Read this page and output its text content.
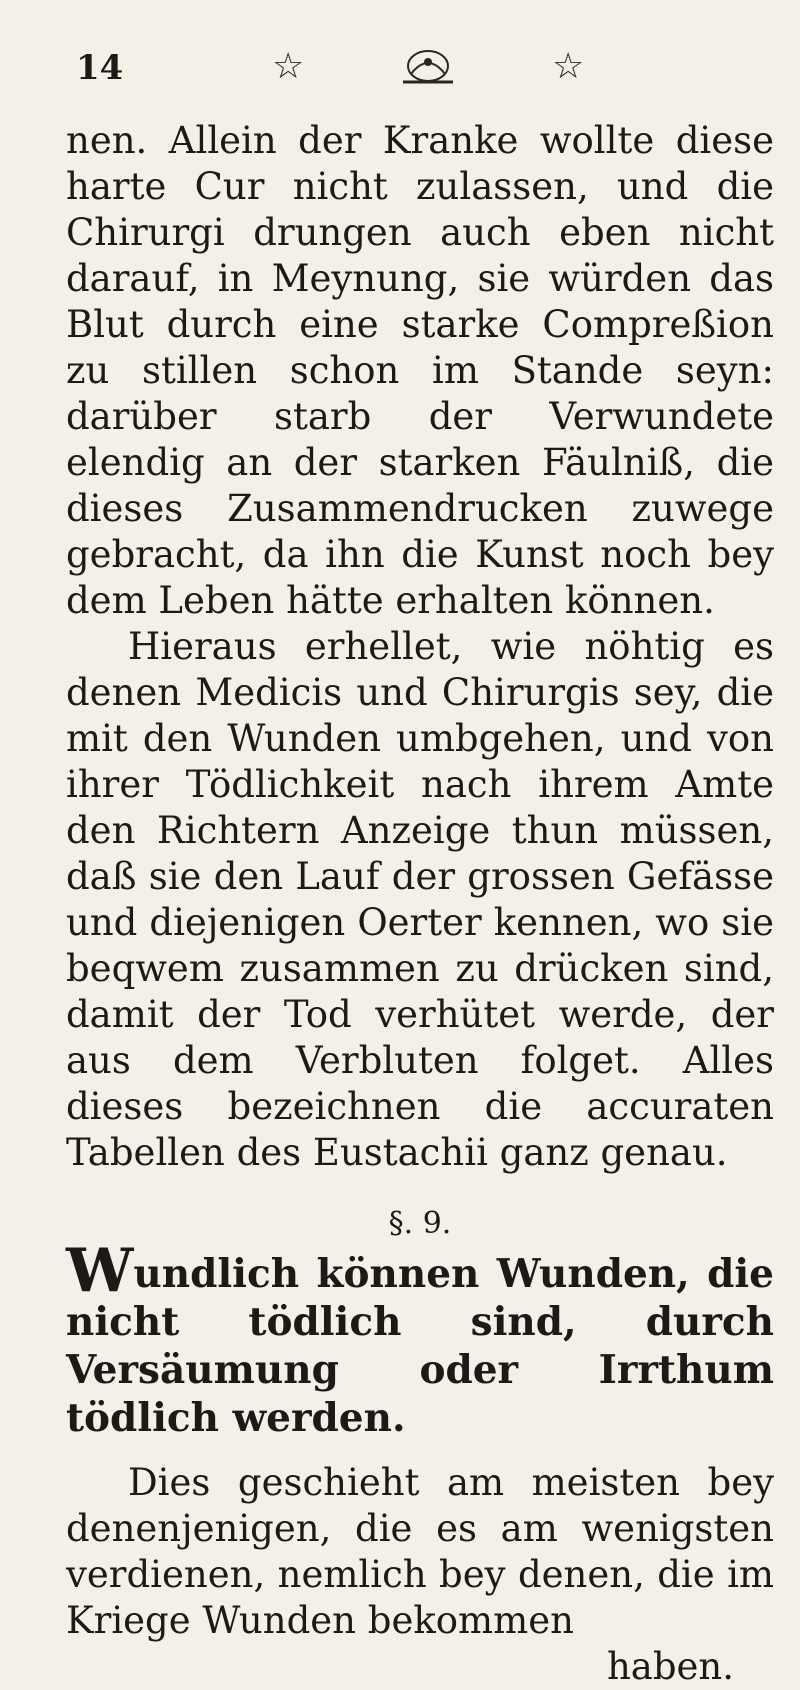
14	☆	☆

nen. Allein der Kranke wollte diese harte Cur nicht zulassen, und die Chirurgi drungen auch eben nicht darauf, in Meynung, sie würden das Blut durch eine starke Compreßion zu stillen schon im Stande seyn: darüber starb der Verwundete elendig an der starken Fäulniß, die dieses Zusammendrucken zuwege gebracht, da ihn die Kunst noch bey dem Leben hätte erhalten können.

Hieraus erhellet, wie nöhtig es denen Medicis und Chirurgis sey, die mit den Wunden umbgehen, und von ihrer Tödlichkeit nach ihrem Amte den Richtern Anzeige thun müssen, daß sie den Lauf der grossen Gefässe und diejenigen Oerter kennen, wo sie beqwem zusammen zu drücken sind, damit der Tod verhütet werde, der aus dem Verbluten folget. Alles dieses bezeichnen die accuraten Tabellen des Eustachii ganz genau.

§. 9.

Wundlich können Wunden, die nicht tödlich sind, durch Versäumung oder Irrthum tödlich werden.

Dies geschieht am meisten bey denenjenigen, die es am wenigsten verdienen, nemlich bey denen, die im Kriege Wunden bekommen

haben.
